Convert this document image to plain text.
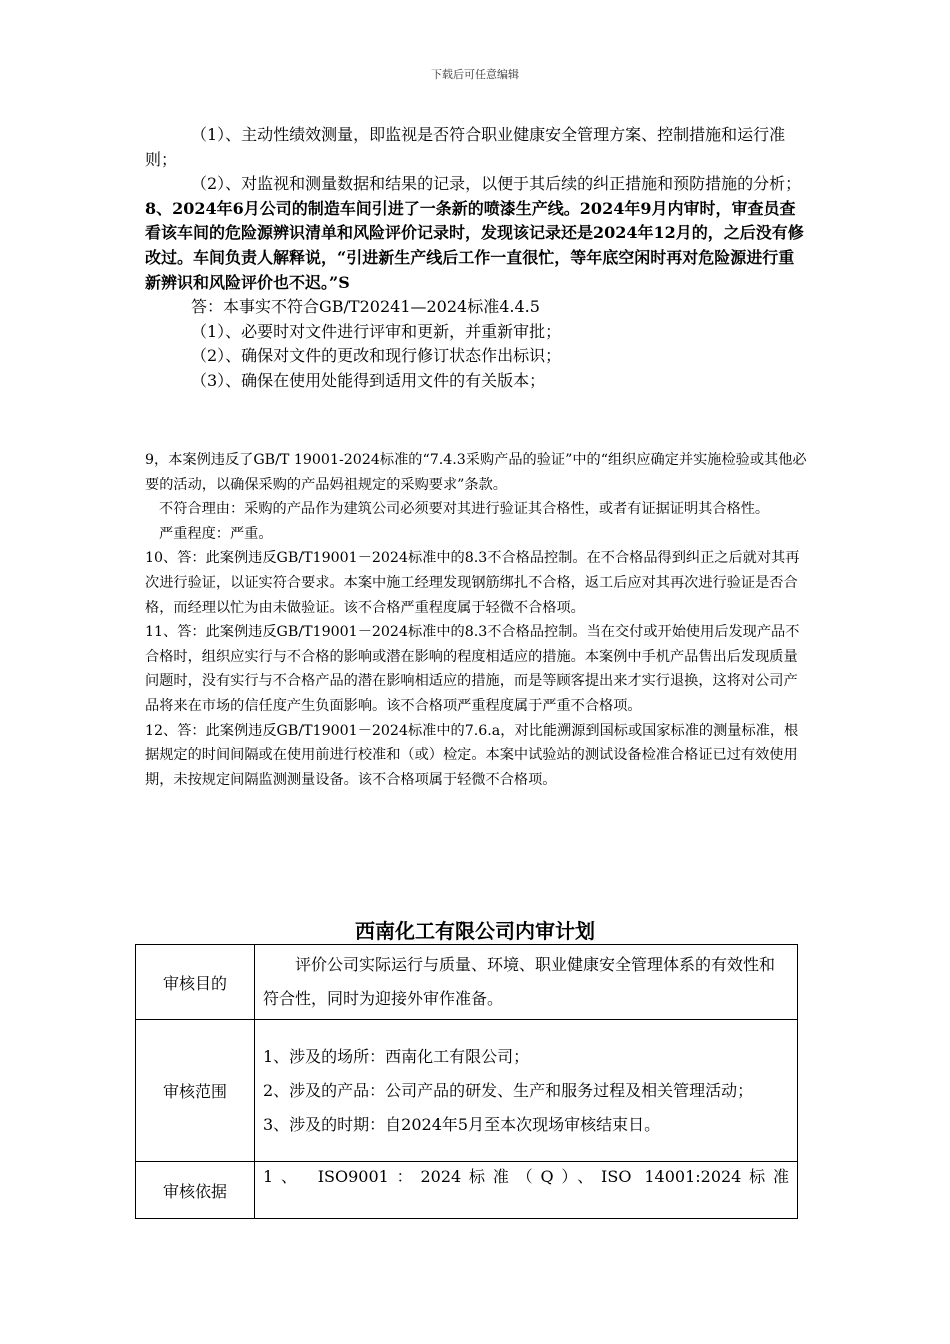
下载后可任意编辑

（1）、主动性绩效测量，即监视是否符合职业健康安全管理方案、控制措施和运行准则；

（2）、对监视和测量数据和结果的记录，以便于其后续的纠正措施和预防措施的分析；

8、2024年6月公司的制造车间引进了一条新的喷漆生产线。2024年9月内审时，审查员查看该车间的危险源辨识清单和风险评价记录时，发现该记录还是2024年12月的，之后没有修改过。车间负责人解释说，“引进新生产线后工作一直很忙，等年底空闲时再对危险源进行重新辨识和风险评价也不迟。”S

答：本事实不符合GB/T20241—2024标准4.4.5

（1）、必要时对文件进行评审和更新，并重新审批；

（2）、确保对文件的更改和现行修订状态作出标识；

（3）、确保在使用处能得到适用文件的有关版本；

9，本案例违反了GB/T 19001-2024标准的“7.4.3采购产品的验证”中的“组织应确定并实施检验或其他必要的活动，以确保采购的产品妈祖规定的采购要求”条款。

不符合理由：采购的产品作为建筑公司必须要对其进行验证其合格性，或者有证据证明其合格性。

严重程度：严重。

10、答：此案例违反GB/T19001－2024标准中的8.3不合格品控制。在不合格品得到纠正之后就对其再次进行验证，以证实符合要求。本案中施工经理发现钢筋绑扎不合格，返工后应对其再次进行验证是否合格，而经理以忙为由未做验证。该不合格严重程度属于轻微不合格项。

11、答：此案例违反GB/T19001－2024标准中的8.3不合格品控制。当在交付或开始使用后发现产品不合格时，组织应实行与不合格的影响或潜在影响的程度相适应的措施。本案例中手机产品售出后发现质量问题时，没有实行与不合格产品的潜在影响相适应的措施，而是等顾客提出来才实行退换，这将对公司产品将来在市场的信任度产生负面影响。该不合格项严重程度属于严重不合格项。

12、答：此案例违反GB/T19001－2024标准中的7.6.a，对比能溯源到国标或国家标准的测量标准，根据规定的时间间隔或在使用前进行校准和（或）检定。本案中试验站的测试设备检准合格证已过有效使用期，未按规定间隔监测测量设备。该不合格项属于轻微不合格项。

西南化工有限公司内审计划
审核目的	评价公司实际运行与质量、环境、职业健康安全管理体系的有效性和符合性，同时为迎接外审作准备。

审核范围	1、涉及的场所：西南化工有限公司；

2、涉及的产品：公司产品的研发、生产和服务过程及相关管理活动；

3、涉及的时期：自2024年5月至本次现场审核结束日。

审核依据	1、 ISO9001：2024标准（Q）、ISO 14001:2024标准
